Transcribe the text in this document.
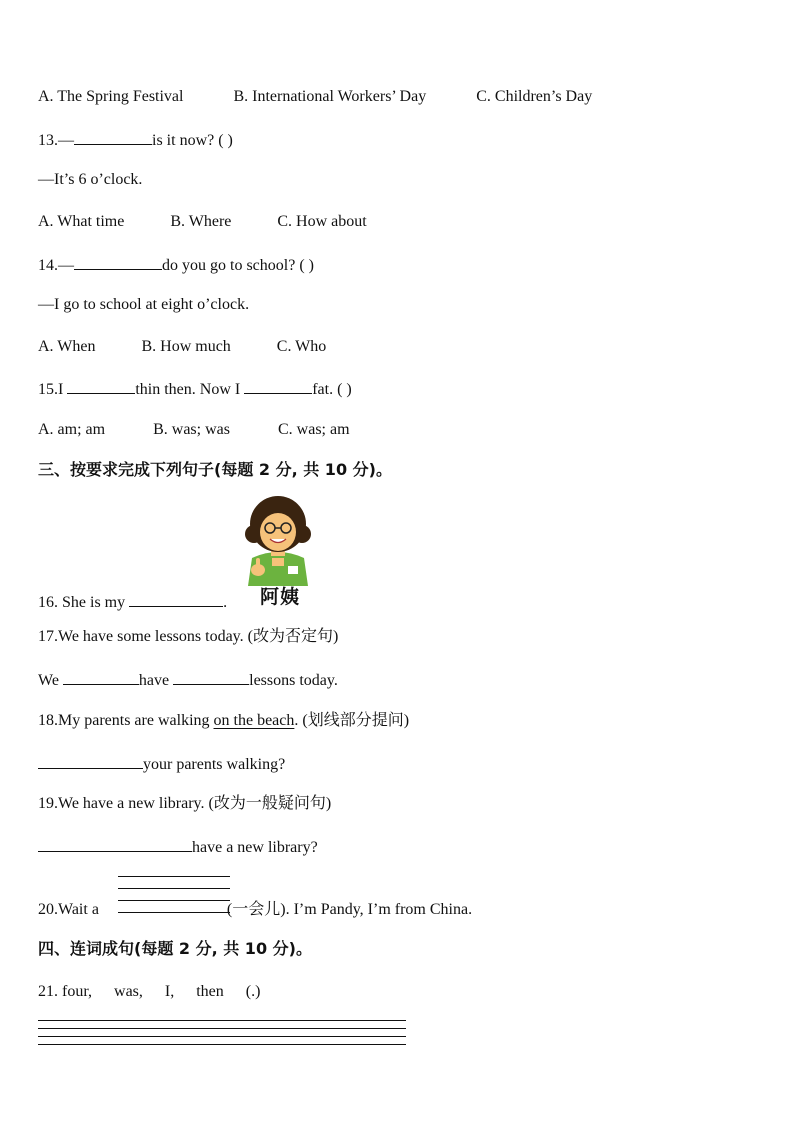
A. The Spring Festival	B. International Workers’ Day	C. Children’s Day
13.—	is it now? ( )
—It’s 6 o’clock.
A. What time	B. Where	C. How about
14.—	do you go to school? ( )
—I go to school at eight o’clock.
A. When	B. How much	C. Who
15.I	thin then. Now I	fat. ( )
A. am; am	B. was; was	C. was; am
三、按要求完成下列句子(每题 2 分, 共 10 分)。
阿姨
16. She is my	.
17.We have some lessons today. (改为否定句)
We	have	lessons today.
18.My parents are walking on the beach. (划线部分提问)
your parents walking?
19.We have a new library. (改为一般疑问句)
have a new library?
20.Wait a	(一会儿). I’m Pandy, I’m from China.
四、连词成句(每题 2 分, 共 10 分)。
21. four, was, I, then (.)
